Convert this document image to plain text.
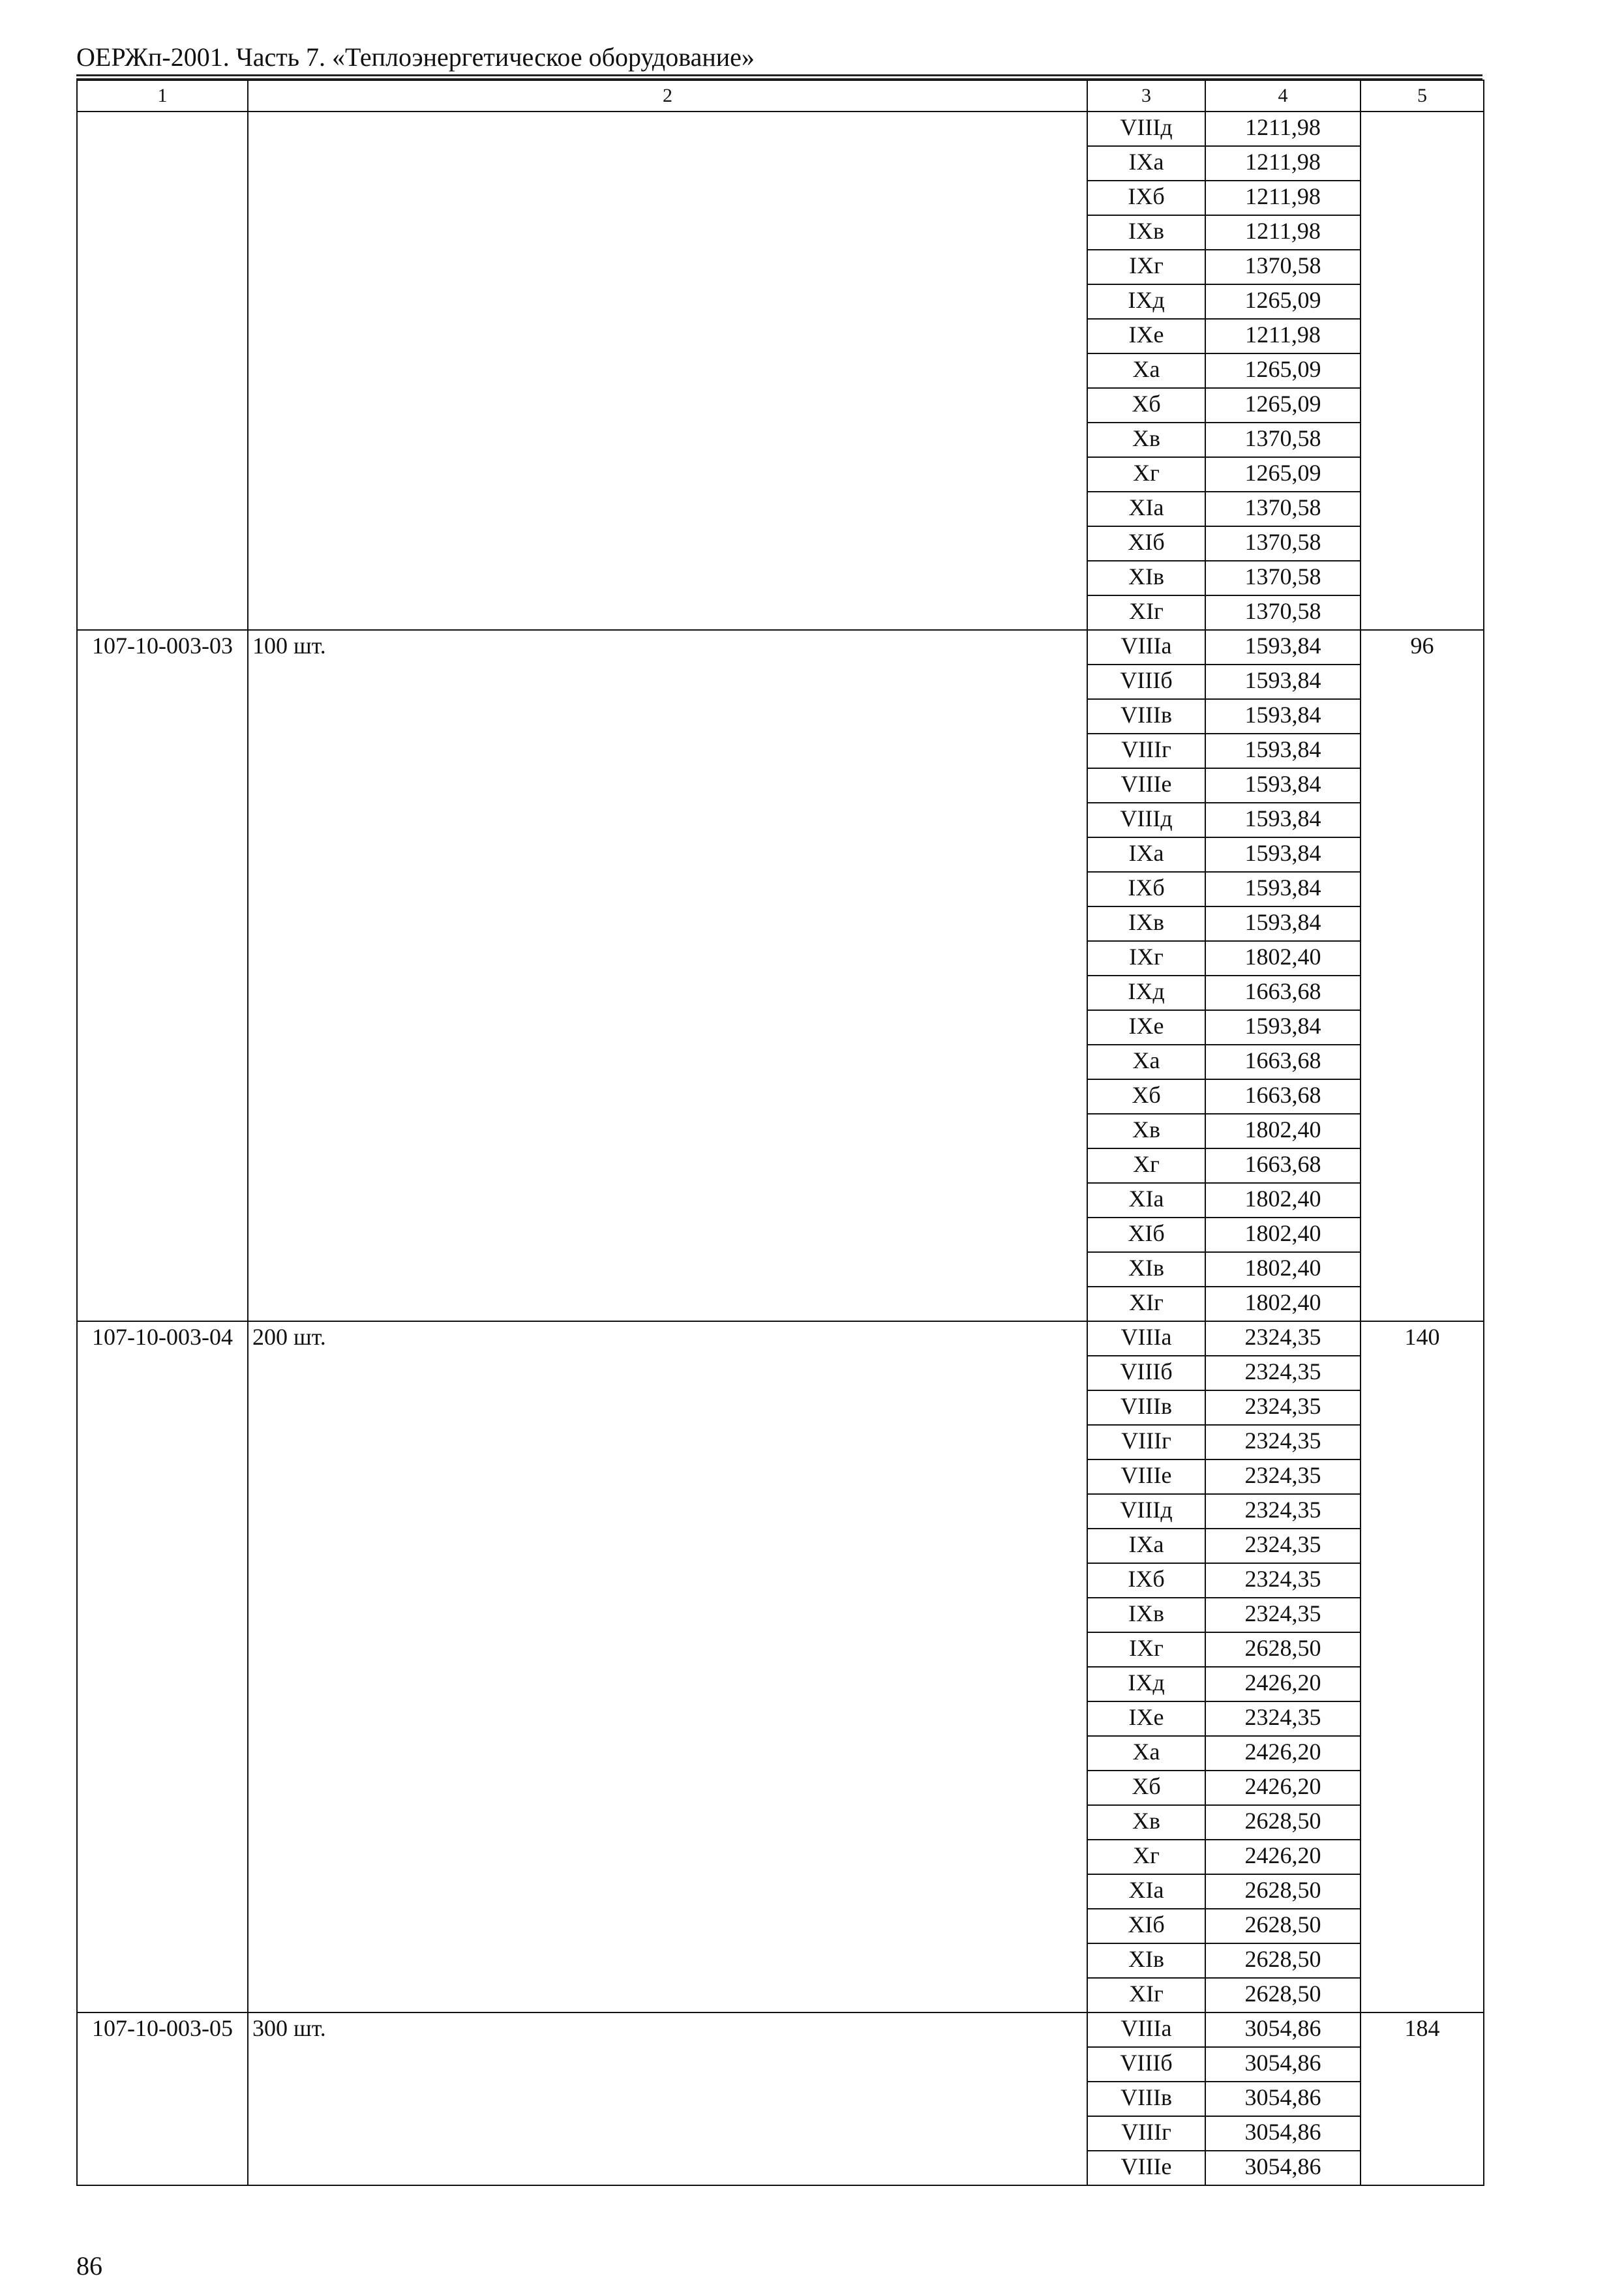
ОЕРЖп-2001. Часть 7. «Теплоэнергетическое оборудование»
1	2	3	4	5
		VIIIд	1211,98	
		IXa	1211,98	
		IXб	1211,98	
		IXв	1211,98	
		IXг	1370,58	
		IXд	1265,09	
		IXе	1211,98	
		Xa	1265,09	
		Xб	1265,09	
		Xв	1370,58	
		Xг	1265,09	
		XIa	1370,58	
		XIб	1370,58	
		XIв	1370,58	
		XIг	1370,58	
107-10-003-03	100 шт.	VIIIa	1593,84	96
		VIIIб	1593,84	
		VIIIв	1593,84	
		VIIIг	1593,84	
		VIIIе	1593,84	
		VIIIд	1593,84	
		IXa	1593,84	
		IXб	1593,84	
		IXв	1593,84	
		IXг	1802,40	
		IXд	1663,68	
		IXе	1593,84	
		Xa	1663,68	
		Xб	1663,68	
		Xв	1802,40	
		Xг	1663,68	
		XIa	1802,40	
		XIб	1802,40	
		XIв	1802,40	
		XIг	1802,40	
107-10-003-04	200 шт.	VIIIa	2324,35	140
		VIIIб	2324,35	
		VIIIв	2324,35	
		VIIIг	2324,35	
		VIIIе	2324,35	
		VIIIд	2324,35	
		IXa	2324,35	
		IXб	2324,35	
		IXв	2324,35	
		IXг	2628,50	
		IXд	2426,20	
		IXе	2324,35	
		Xa	2426,20	
		Xб	2426,20	
		Xв	2628,50	
		Xг	2426,20	
		XIa	2628,50	
		XIб	2628,50	
		XIв	2628,50	
		XIг	2628,50	
107-10-003-05	300 шт.	VIIIa	3054,86	184
		VIIIб	3054,86	
		VIIIв	3054,86	
		VIIIг	3054,86	
		VIIIе	3054,86	
86
